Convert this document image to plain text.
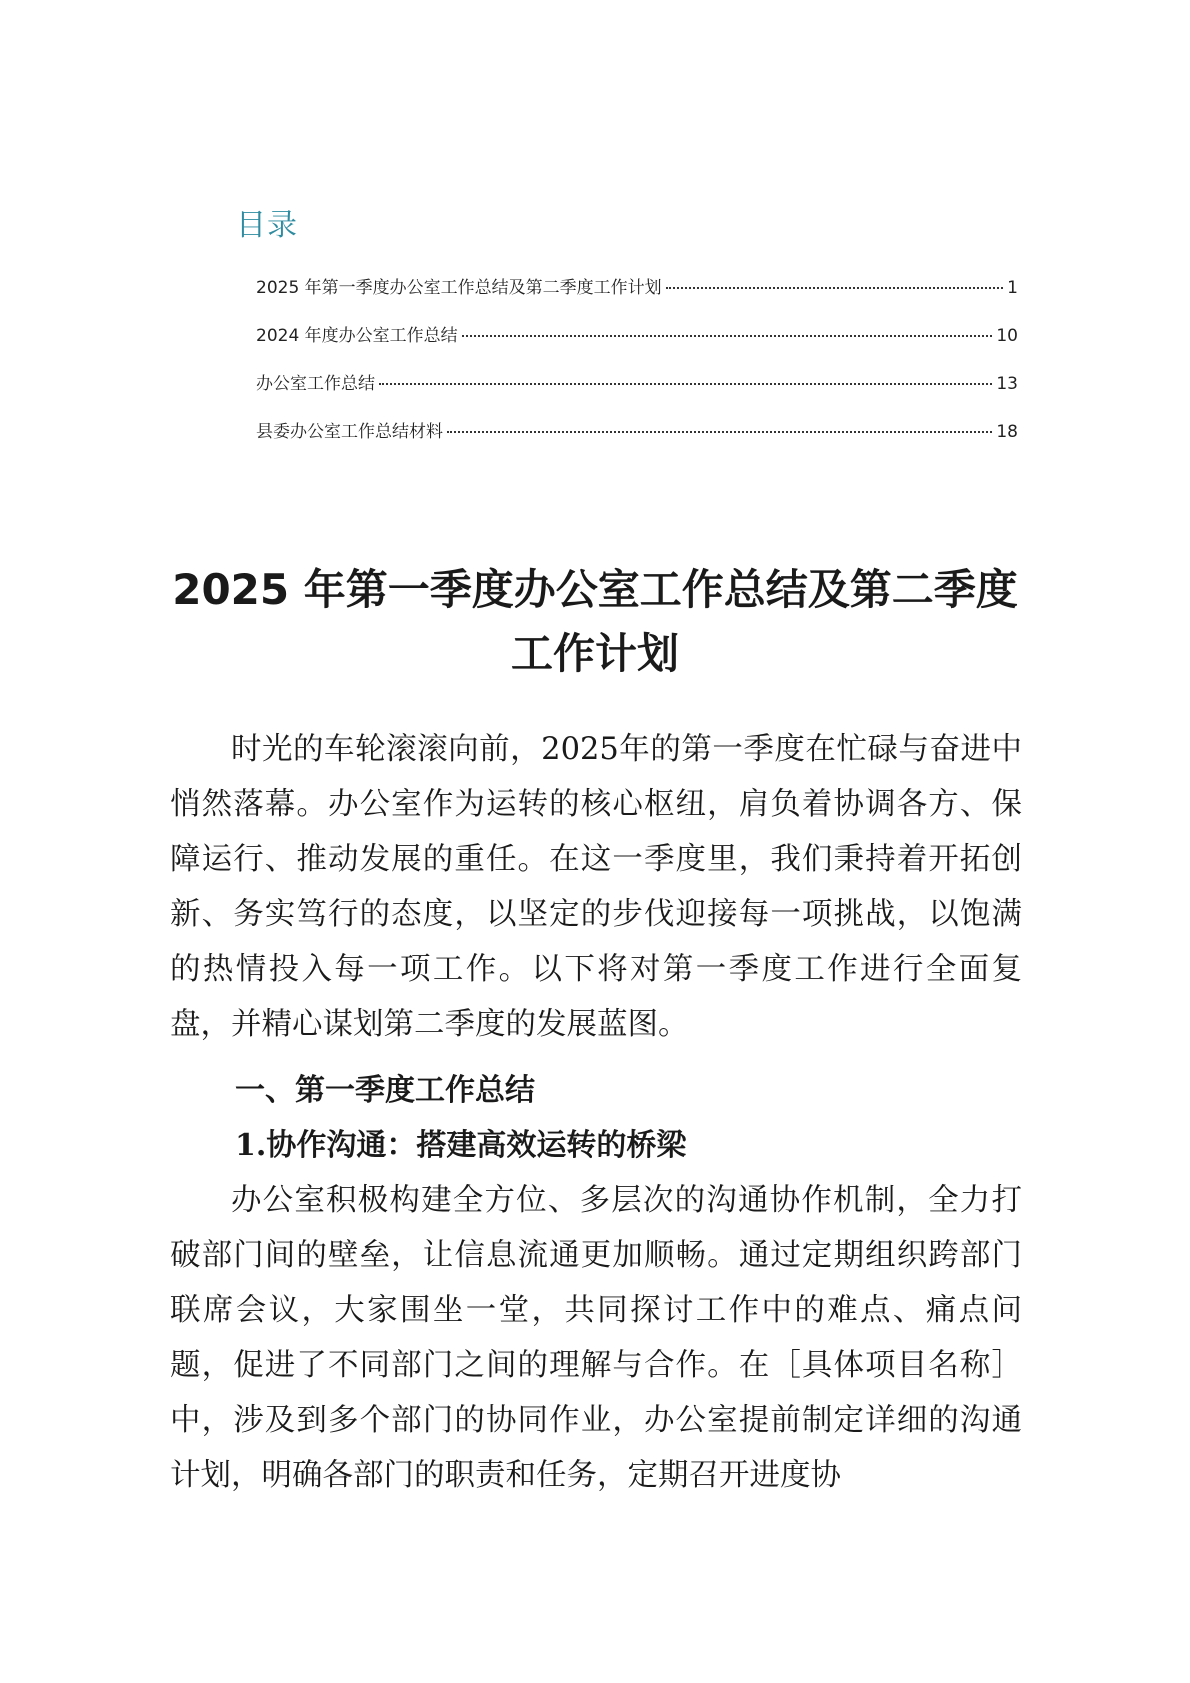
目录
2025 年第一季度办公室工作总结及第二季度工作计划	1
2024 年度办公室工作总结	10
办公室工作总结	13
县委办公室工作总结材料	18
2025 年第一季度办公室工作总结及第二季度工作计划

时光的车轮滚滚向前，2025年的第一季度在忙碌与奋进中悄然落幕。办公室作为运转的核心枢纽，肩负着协调各方、保障运行、推动发展的重任。在这一季度里，我们秉持着开拓创新、务实笃行的态度，以坚定的步伐迎接每一项挑战，以饱满的热情投入每一项工作。以下将对第一季度工作进行全面复盘，并精心谋划第二季度的发展蓝图。

一、第一季度工作总结
1.协作沟通：搭建高效运转的桥梁

办公室积极构建全方位、多层次的沟通协作机制，全力打破部门间的壁垒，让信息流通更加顺畅。通过定期组织跨部门联席会议，大家围坐一堂，共同探讨工作中的难点、痛点问题，促进了不同部门之间的理解与合作。在［具体项目名称］中，涉及到多个部门的协同作业，办公室提前制定详细的沟通计划，明确各部门的职责和任务，定期召开进度协
